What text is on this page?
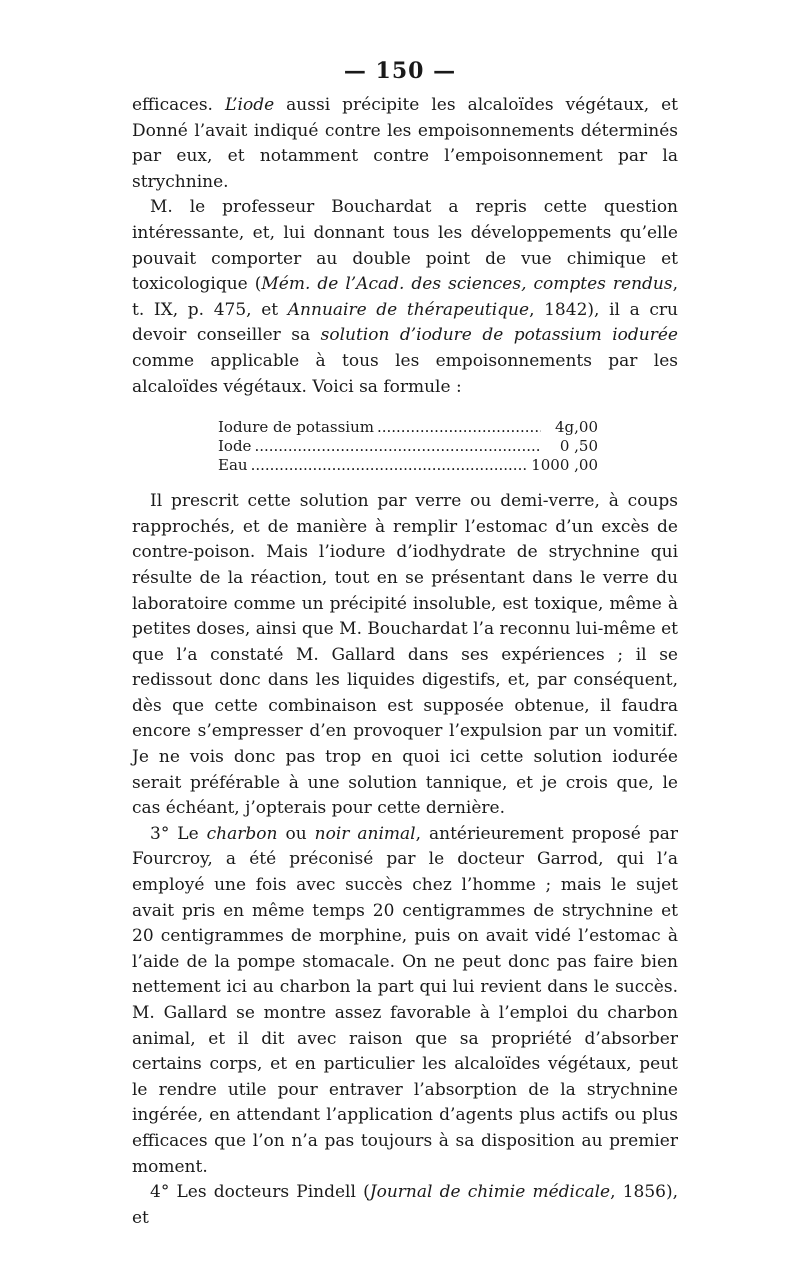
— 150 —

efficaces. L’iode aussi précipite les alcaloïdes végétaux, et Donné l’avait indiqué contre les empoisonnements déterminés par eux, et notamment contre l’empoisonnement par la strychnine.

M. le professeur Bouchardat a repris cette question intéressante, et, lui donnant tous les développements qu’elle pouvait comporter au double point de vue chimique et toxicologique (Mém. de l’Acad. des sciences, comptes rendus, t. IX, p. 475, et Annuaire de thérapeutique, 1842), il a cru devoir conseiller sa solution d’iodure de potassium iodurée comme applicable à tous les empoisonnements par les alcaloïdes végétaux. Voici sa formule :

Iodure de potassium .....	4g,00
Iode .....	0 ,50
Eau .....	1000 ,00

Il prescrit cette solution par verre ou demi-verre, à coups rapprochés, et de manière à remplir l’estomac d’un excès de contre-poison. Mais l’iodure d’iodhydrate de strychnine qui résulte de la réaction, tout en se présentant dans le verre du laboratoire comme un précipité insoluble, est toxique, même à petites doses, ainsi que M. Bouchardat l’a reconnu lui-même et que l’a constaté M. Gallard dans ses expériences ; il se redissout donc dans les liquides digestifs, et, par conséquent, dès que cette combinaison est supposée obtenue, il faudra encore s’empresser d’en provoquer l’expulsion par un vomitif. Je ne vois donc pas trop en quoi ici cette solution iodurée serait préférable à une solution tannique, et je crois que, le cas échéant, j’opterais pour cette dernière.

3° Le charbon ou noir animal, antérieurement proposé par Fourcroy, a été préconisé par le docteur Garrod, qui l’a employé une fois avec succès chez l’homme ; mais le sujet avait pris en même temps 20 centigrammes de strychnine et 20 centigrammes de morphine, puis on avait vidé l’estomac à l’aide de la pompe stomacale. On ne peut donc pas faire bien nettement ici au charbon la part qui lui revient dans le succès. M. Gallard se montre assez favorable à l’emploi du charbon animal, et il dit avec raison que sa propriété d’absorber certains corps, et en particulier les alcaloïdes végétaux, peut le rendre utile pour entraver l’absorption de la strychnine ingérée, en attendant l’application d’agents plus actifs ou plus efficaces que l’on n’a pas toujours à sa disposition au premier moment.

4° Les docteurs Pindell (Journal de chimie médicale, 1856), et
